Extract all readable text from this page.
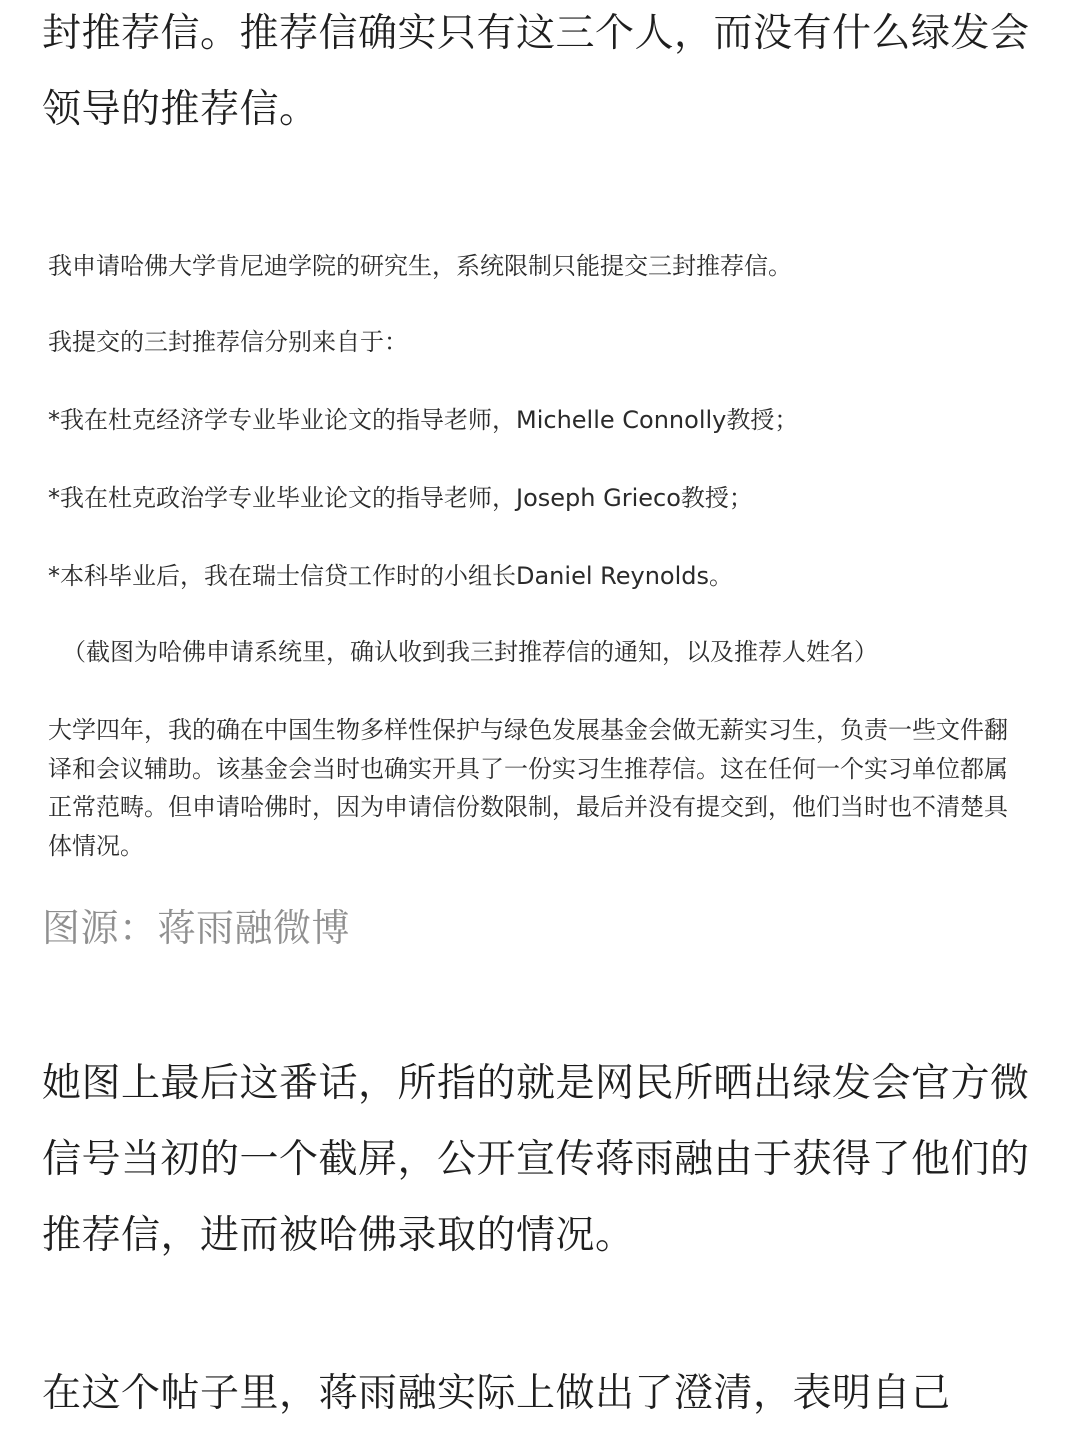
封推荐信。推荐信确实只有这三个人，而没有什么绿发会领导的推荐信。

我申请哈佛大学肯尼迪学院的研究生，系统限制只能提交三封推荐信。

我提交的三封推荐信分别来自于：

*我在杜克经济学专业毕业论文的指导老师，Michelle Connolly教授；

*我在杜克政治学专业毕业论文的指导老师，Joseph Grieco教授；

*本科毕业后，我在瑞士信贷工作时的小组长Daniel Reynolds。

（截图为哈佛申请系统里，确认收到我三封推荐信的通知，以及推荐人姓名）

大学四年，我的确在中国生物多样性保护与绿色发展基金会做无薪实习生，负责一些文件翻译和会议辅助。该基金会当时也确实开具了一份实习生推荐信。这在任何一个实习单位都属正常范畴。但申请哈佛时，因为申请信份数限制，最后并没有提交到，他们当时也不清楚具体情况。

图源：蒋雨融微博

她图上最后这番话，所指的就是网民所晒出绿发会官方微信号当初的一个截屏，公开宣传蒋雨融由于获得了他们的推荐信，进而被哈佛录取的情况。

在这个帖子里，蒋雨融实际上做出了澄清，表明自己
